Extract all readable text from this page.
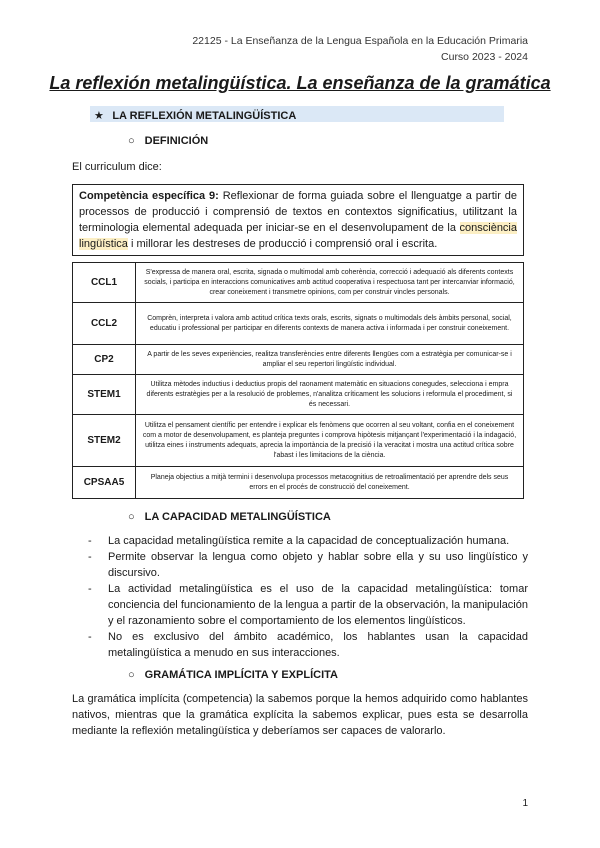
22125 - La Enseñanza de la Lengua Española en la Educación Primaria
Curso 2023 - 2024
La reflexión metalingüística. La enseñanza de la gramática
★ LA REFLEXIÓN METALINGÜÍSTICA
○ DEFINICIÓN
El curriculum dice:
Competència específica 9: Reflexionar de forma guiada sobre el llenguatge a partir de processos de producció i comprensió de textos en contextos significatius, utilitzant la terminologia elemental adequada per iniciar-se en el desenvolupament de la consciència lingüística i millorar les destreses de producció i comprensió oral i escrita.
CCL1	S'expressa de manera oral, escrita, signada o multimodal amb coherència, correcció i adequació als diferents contexts socials, i participa en interaccions comunicatives amb actitud cooperativa i respectuosa tant per intercanviar informació, crear coneixement i transmetre opinions, com per construir vincles personals.
CCL2	Comprèn, interpreta i valora amb actitud crítica texts orals, escrits, signats o multimodals dels àmbits personal, social, educatiu i professional per participar en diferents contexts de manera activa i informada i per construir coneixement.
CP2	A partir de les seves experiències, realitza transferències entre diferents llengües com a estratègia per comunicar-se i ampliar el seu repertori lingüístic individual.
STEM1	Utilitza mètodes inductius i deductius propis del raonament matemàtic en situacions conegudes, selecciona i empra diferents estratègies per a la resolució de problemes, n'analitza críticament les solucions i reformula el procediment, si és necessari.
STEM2	Utilitza el pensament científic per entendre i explicar els fenòmens que ocorren al seu voltant, confia en el coneixement com a motor de desenvolupament, es planteja preguntes i comprova hipòtesis mitjançant l'experimentació i la indagació, utilitza eines i instruments adequats, aprecia la importància de la precisió i la veracitat i mostra una actitud crítica sobre l'abast i les limitacions de la ciència.
CPSAA5	Planeja objectius a mitjà termini i desenvolupa processos metacognitius de retroalimentació per aprendre dels seus errors en el procés de construcció del coneixement.
○ LA CAPACIDAD METALINGÜÍSTICA
- La capacidad metalingüística remite a la capacidad de conceptualización humana.
- Permite observar la lengua como objeto y hablar sobre ella y su uso lingüístico y discursivo.
- La actividad metalingüística es el uso de la capacidad metalingüística: tomar conciencia del funcionamiento de la lengua a partir de la observación, la manipulación y el razonamiento sobre el comportamiento de los elementos lingüísticos.
- No es exclusivo del ámbito académico, los hablantes usan la capacidad metalingüística a menudo en sus interacciones.
○ GRAMÁTICA IMPLÍCITA Y EXPLÍCITA
La gramática implícita (competencia) la sabemos porque la hemos adquirido como hablantes nativos, mientras que la gramática explícita la sabemos explicar, pues esta se desarrolla mediante la reflexión metalingüística y deberíamos ser capaces de valorarlo.
1
